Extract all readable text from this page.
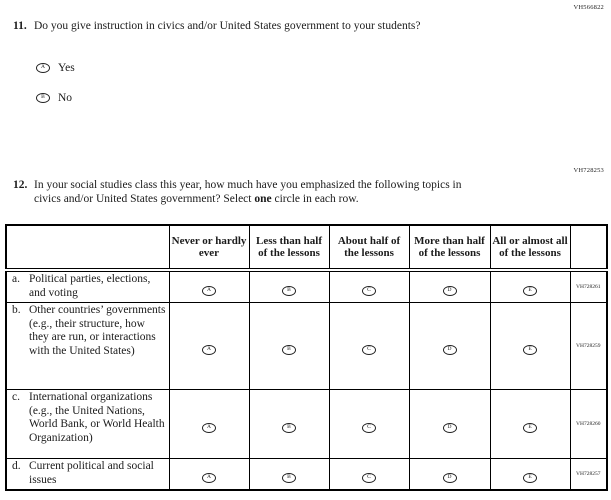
VH566822
11. Do you give instruction in civics and/or United States government to your students?
A	Yes
B	No
VH728253
12. In your social studies class this year, how much have you emphasized the following topics in civics and/or United States government? Select one circle in each row.
	Never or hardly ever	Less than half of the lessons	About half of the lessons	More than half of the lessons	All or almost all of the lessons	

a. Political parties, elections, and voting	A	B	C	D	E	VH728261

b. Other countries’ governments (e.g., their structure, how they are run, or interactions with the United States)	A	B	C	D	E	VH728259

c. International organizations (e.g., the United Nations, World Bank, or World Health Organization)	A	B	C	D	E	VH728260

d. Current political and social issues	A	B	C	D	E	VH728257
